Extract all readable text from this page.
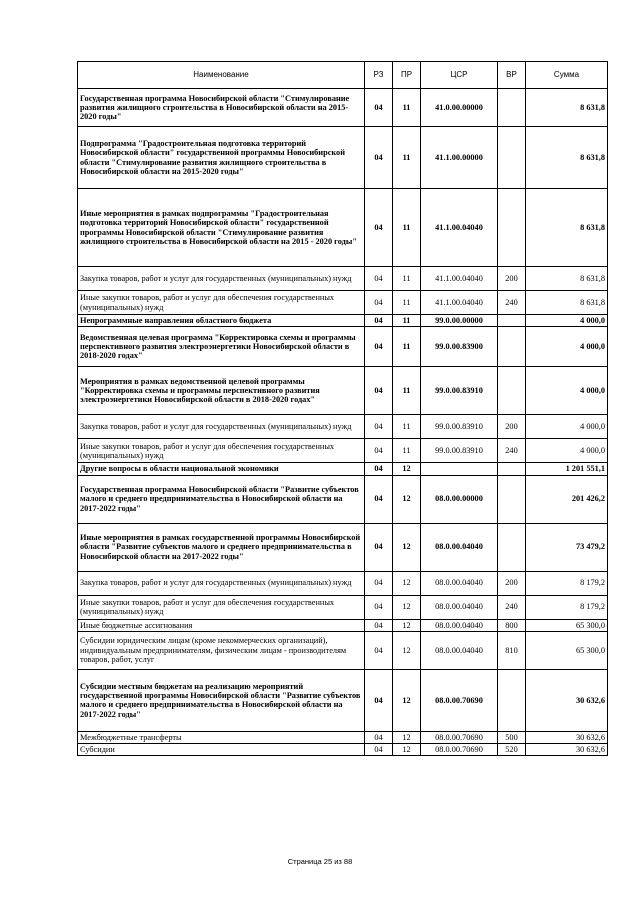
Наименование	РЗ	ПР	ЦСР	ВР	Сумма
Государственная программа Новосибирской области "Стимулирование развития жилищного строительства в Новосибирской области на 2015-2020 годы"	04	11	41.0.00.00000		8 631,8
Подпрограмма "Градостроительная подготовка территорий Новосибирской области" государственной программы Новосибирской области "Стимулирование развития жилищного строительства в Новосибирской области на 2015-2020 годы"	04	11	41.1.00.00000		8 631,8
Иные мероприятия в рамках подпрограммы "Градостроительная подготовка территорий Новосибирской области" государственной программы Новосибирской области "Стимулирование развития жилищного строительства в Новосибирской области на 2015 - 2020 годы"	04	11	41.1.00.04040		8 631,8
Закупка товаров, работ и услуг для государственных (муниципальных) нужд	04	11	41.1.00.04040	200	8 631,8
Иные закупки товаров, работ и услуг для обеспечения государственных (муниципальных) нужд	04	11	41.1.00.04040	240	8 631,8
Непрограммные направления областного бюджета	04	11	99.0.00.00000		4 000,0
Ведомственная целевая программа "Корректировка схемы и программы перспективного развития электроэнергетики Новосибирской области в 2018-2020 годах"	04	11	99.0.00.83900		4 000,0
Мероприятия в рамках ведомственной целевой программы "Корректировка схемы и программы перспективного развития электроэнергетики Новосибирской области в 2018-2020 годах"	04	11	99.0.00.83910		4 000,0
Закупка товаров, работ и услуг для государственных (муниципальных) нужд	04	11	99.0.00.83910	200	4 000,0
Иные закупки товаров, работ и услуг для обеспечения государственных (муниципальных) нужд	04	11	99.0.00.83910	240	4 000,0
Другие вопросы в области национальной экономики	04	12			1 201 551,1
Государственная программа Новосибирской области "Развитие субъектов малого и среднего предпринимательства в Новосибирской области на 2017-2022 годы"	04	12	08.0.00.00000		201 426,2
Иные мероприятия в рамках государственной программы Новосибирской области "Развитие субъектов малого и среднего предпринимательства в Новосибирской области на 2017-2022 годы"	04	12	08.0.00.04040		73 479,2
Закупка товаров, работ и услуг для государственных (муниципальных) нужд	04	12	08.0.00.04040	200	8 179,2
Иные закупки товаров, работ и услуг для обеспечения государственных (муниципальных) нужд	04	12	08.0.00.04040	240	8 179,2
Иные бюджетные ассигнования	04	12	08.0.00.04040	800	65 300,0
Субсидии юридическим лицам (кроме некоммерческих организаций), индивидуальным предпринимателям, физическим лицам - производителям товаров, работ, услуг	04	12	08.0.00.04040	810	65 300,0
Субсидии местным бюджетам на реализацию мероприятий государственной программы Новосибирской области "Развитие субъектов малого и среднего предпринимательства в Новосибирской области на 2017-2022 годы"	04	12	08.0.00.70690		30 632,6
Межбюджетные трансферты	04	12	08.0.00.70690	500	30 632,6
Субсидии	04	12	08.0.00.70690	520	30 632,6
Страница 25 из 88
